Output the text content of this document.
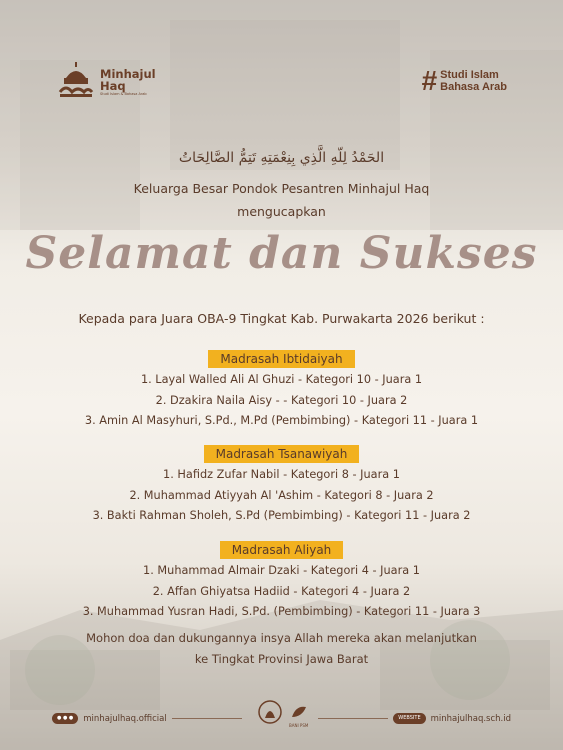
Minhajul
Haq
Studi Islam & Bahasa Arab	# Studi Islam
Bahasa Arab
الحَمْدُ لِلّهِ الَّذِي بِنِعْمَتِهِ تَتِمُّ الصَّالِحَاتُ
Keluarga Besar Pondok Pesantren Minhajul Haq
mengucapkan
Selamat dan Sukses
Kepada para Juara OBA-9 Tingkat Kab. Purwakarta 2026 berikut :
Madrasah Ibtidaiyah
1. Layal Walled Ali Al Ghuzi - Kategori 10 - Juara 1
2. Dzakira Naila Aisy - - Kategori 10 - Juara 2
3. Amin Al Masyhuri, S.Pd., M.Pd (Pembimbing) - Kategori 11 - Juara 1
Madrasah Tsanawiyah
1. Hafidz Zufar Nabil - Kategori 8 - Juara 1
2. Muhammad Atiyyah Al 'Ashim - Kategori 8 - Juara 2
3. Bakti Rahman Sholeh, S.Pd (Pembimbing) - Kategori 11 - Juara 2
Madrasah Aliyah
1. Muhammad Almair Dzaki - Kategori 4 - Juara 1
2. Affan Ghiyatsa Hadiid - Kategori 4 - Juara 2
3. Muhammad Yusran Hadi, S.Pd. (Pembimbing) - Kategori 11 - Juara 3
Mohon doa dan dukungannya insya Allah mereka akan melanjutkan
ke Tingkat Provinsi Jawa Barat
● ● ●	minhajulhaq.official
BANI PSM
WEBSITE	minhajulhaq.sch.id
